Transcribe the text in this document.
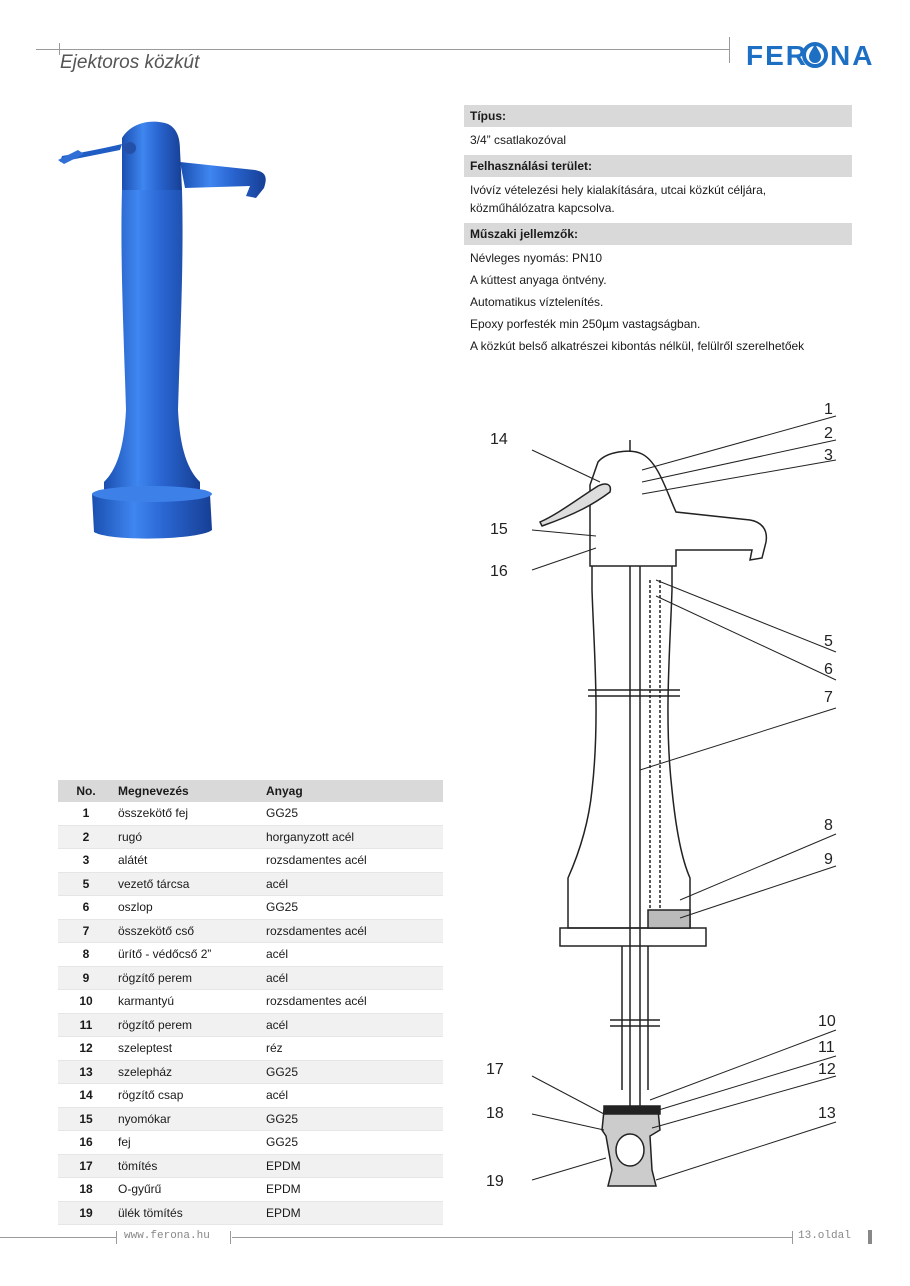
Ejektoros közkút	FER NA
Típus:
3/4” csatlakozóval
Felhasználási terület:
Ivóvíz vételezési hely kialakítására, utcai közkút céljára, közműhálózatra kapcsolva.
Műszaki jellemzők:
Névleges nyomás: PN10
A kúttest anyaga öntvény.
Automatikus víztelenítés.
Epoxy porfesték min 250µm vastagságban.
A közkút belső alkatrészei kibontás nélkül, felülről szerelhetőek
No.	Megnevezés	Anyag
1	összekötő fej	GG25
2	rugó	horganyzott acél
3	alátét	rozsdamentes acél
5	vezető tárcsa	acél
6	oszlop	GG25
7	összekötő cső	rozsdamentes acél
8	ürítő - védőcső 2”	acél
9	rögzítő perem	acél
10	karmantyú	rozsdamentes acél
11	rögzítő perem	acél
12	szeleptest	réz
13	szelepház	GG25
14	rögzítő csap	acél
15	nyomókar	GG25
16	fej	GG25
17	tömítés	EPDM
18	O-gyűrű	EPDM
19	ülék tömítés	EPDM
1
2
3
5
6
7
8
9
10
11
12
13
14
15
16
17
18
19
www.ferona.hu	13.oldal
